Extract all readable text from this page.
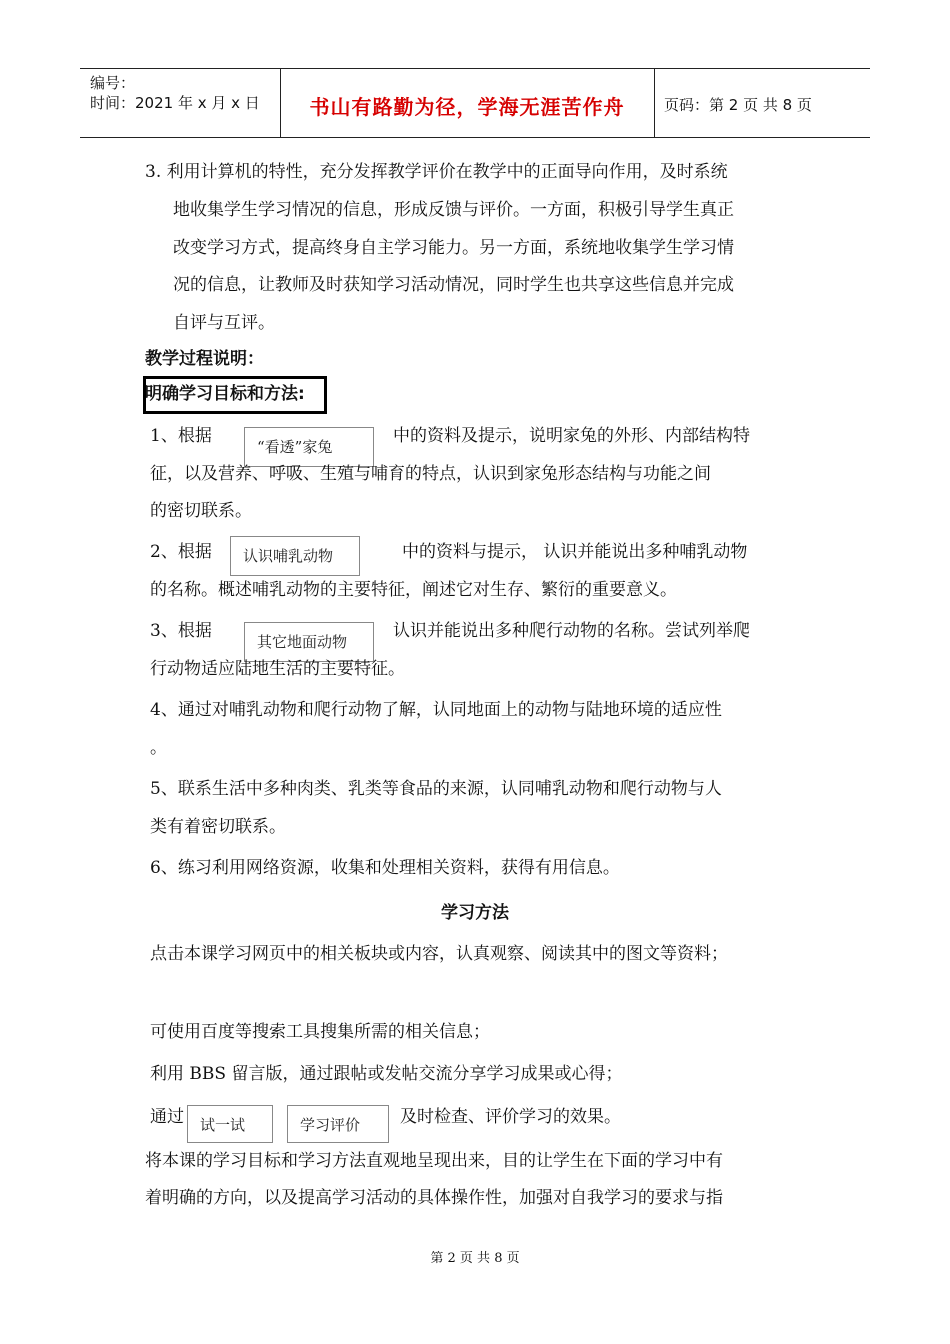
编号：
时间：2021 年 x 月 x 日	书山有路勤为径，学海无涯苦作舟	页码：第 2 页 共 8 页
3. 利用计算机的特性，充分发挥教学评价在教学中的正面导向作用，及时系统
地收集学生学习情况的信息，形成反馈与评价。一方面，积极引导学生真正
改变学习方式，提高终身自主学习能力。另一方面，系统地收集学生学习情
况的信息，让教师及时获知学习活动情况，同时学生也共享这些信息并完成
自评与互评。
教学过程说明：
明确学习目标和方法:
1、根据
“看透”家兔
中的资料及提示，说明家兔的外形、内部结构特
征，以及营养、呼吸、生殖与哺育的特点，认识到家兔形态结构与功能之间
的密切联系。
2、根据	认识哺乳动物	中的资料与提示， 认识并能说出多种哺乳动物
的名称。概述哺乳动物的主要特征，阐述它对生存、繁衍的重要意义。
3、根据
其它地面动物
认识并能说出多种爬行动物的名称。尝试列举爬
行动物适应陆地生活的主要特征。
4、通过对哺乳动物和爬行动物了解，认同地面上的动物与陆地环境的适应性
。
5、联系生活中多种肉类、乳类等食品的来源，认同哺乳动物和爬行动物与人
类有着密切联系。
6、练习利用网络资源，收集和处理相关资料，获得有用信息。
学习方法
点击本课学习网页中的相关板块或内容，认真观察、阅读其中的图文等资料；
可使用百度等搜索工具搜集所需的相关信息；
利用 BBS 留言版，通过跟帖或发帖交流分享学习成果或心得；
通过	试一试	学习评价	及时检查、评价学习的效果。
将本课的学习目标和学习方法直观地呈现出来，目的让学生在下面的学习中有
着明确的方向，以及提高学习活动的具体操作性，加强对自我学习的要求与指
第 2 页 共 8 页
